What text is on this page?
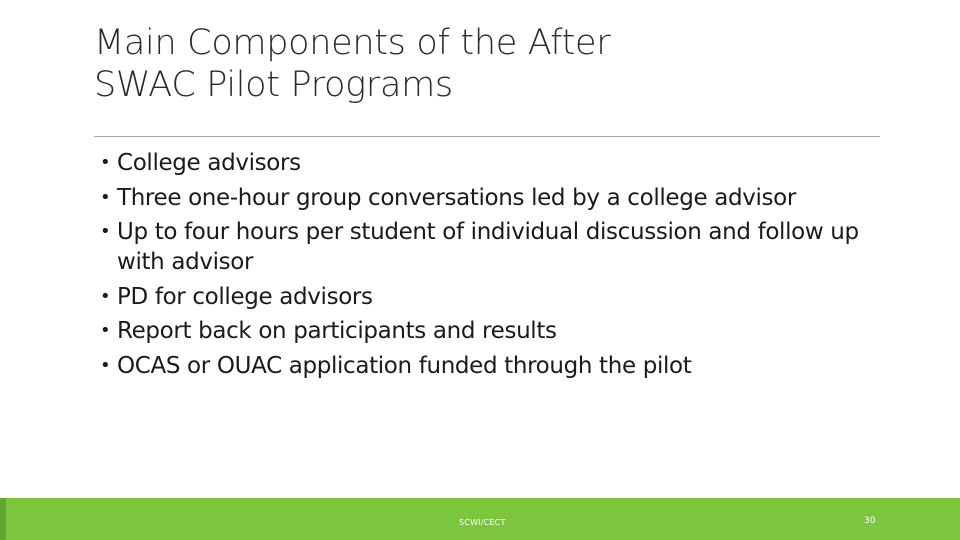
Main Components of the After
SWAC Pilot Programs
• College advisors
• Three one-hour group conversations led by a college advisor
• Up to four hours per student of individual discussion and follow up with advisor
• PD for college advisors
• Report back on participants and results
• OCAS or OUAC application funded through the pilot
SCWI/CECT	30
